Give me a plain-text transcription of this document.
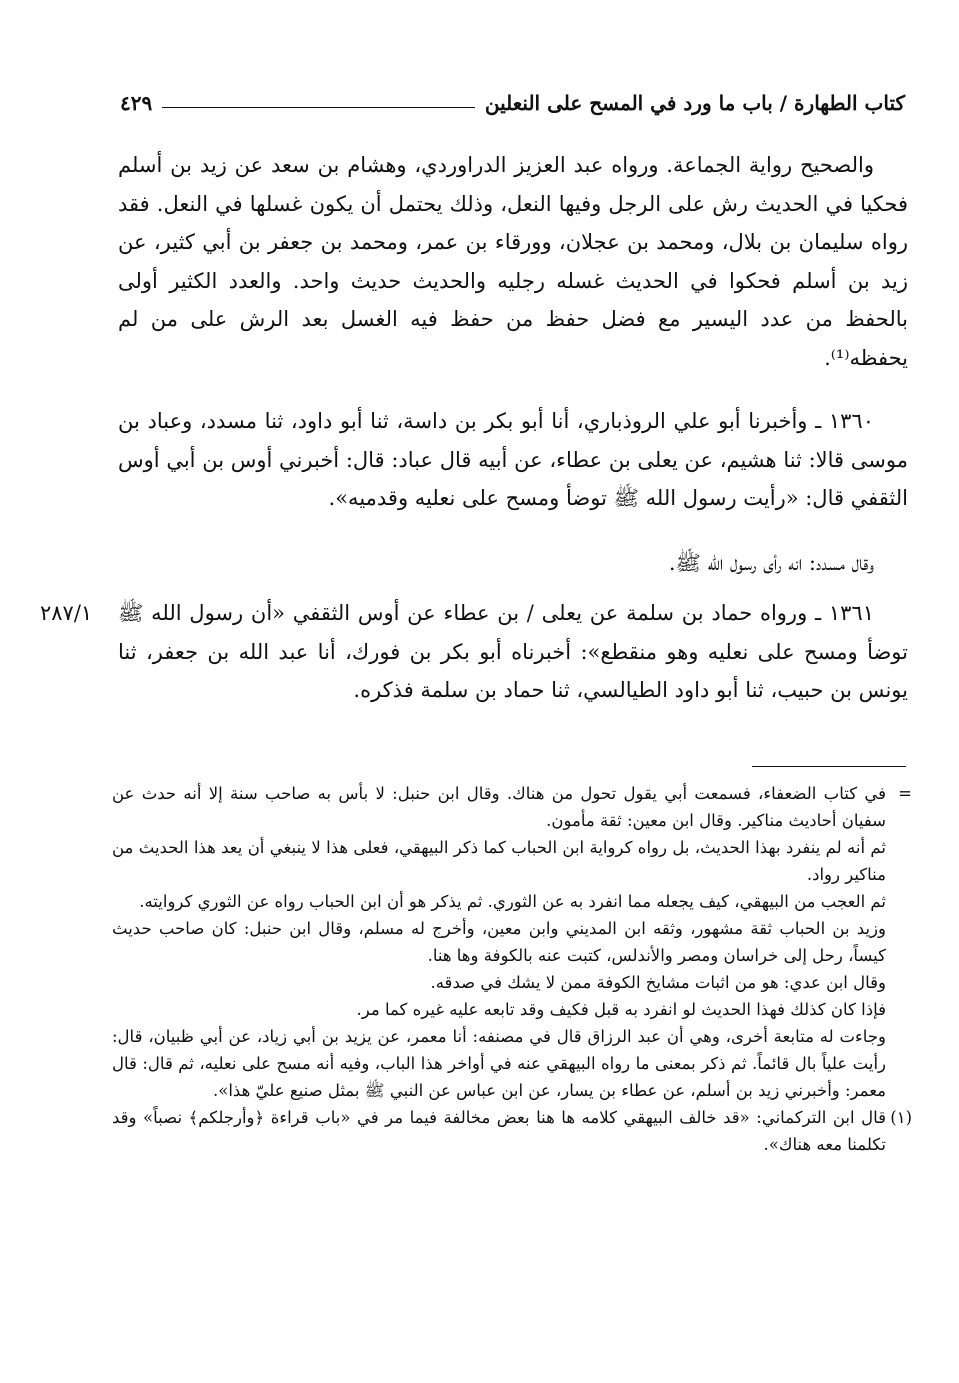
كتاب الطهارة / باب ما ورد في المسح على النعلين
٤٢٩

والصحيح رواية الجماعة. ورواه عبد العزيز الدراوردي، وهشام بن سعد عن زيد بن أسلم فحكيا في الحديث رش على الرجل وفيها النعل، وذلك يحتمل أن يكون غسلها في النعل. فقد رواه سليمان بن بلال، ومحمد بن عجلان، وورقاء بن عمر، ومحمد بن جعفر بن أبي كثير، عن زيد بن أسلم فحكوا في الحديث غسله رجليه والحديث حديث واحد. والعدد الكثير أولى بالحفظ من عدد اليسير مع فضل حفظ من حفظ فيه الغسل بعد الرش على من لم يحفظه⁽¹⁾.

١٣٦٠ ـ وأخبرنا أبو علي الروذباري، أنا أبو بكر بن داسة، ثنا أبو داود، ثنا مسدد، وعباد بن موسى قالا: ثنا هشيم، عن يعلى بن عطاء، عن أبيه قال عباد: قال: أخبرني أوس بن أبي أوس الثقفي قال: «رأيت رسول الله ﷺ توضأ ومسح على نعليه وقدميه».

وقال مسدد: انه رأى رسول الله ﷺ.

١٣٦١ ـ ورواه حماد بن سلمة عن يعلى / بن عطاء عن أوس الثقفي «أن رسول الله ﷺ توضأ ومسح على نعليه وهو منقطع»: أخبرناه أبو بكر بن فورك، أنا عبد الله بن جعفر، ثنا يونس بن حبيب، ثنا أبو داود الطيالسي، ثنا حماد بن سلمة فذكره.

٢٨٧/١

=
في كتاب الضعفاء، فسمعت أبي يقول تحول من هناك. وقال ابن حنبل: لا بأس به صاحب سنة إلا أنه حدث عن سفيان أحاديث مناكير. وقال ابن معين: ثقة مأمون.

ثم أنه لم ينفرد بهذا الحديث، بل رواه كرواية ابن الحباب كما ذكر البيهقي، فعلى هذا لا ينبغي أن يعد هذا الحديث من مناكير رواد.

ثم العجب من البيهقي، كيف يجعله مما انفرد به عن الثوري. ثم يذكر هو أن ابن الحباب رواه عن الثوري كروايته.

وزيد بن الحباب ثقة مشهور، وثقه ابن المديني وابن معين، وأخرج له مسلم، وقال ابن حنبل: كان صاحب حديث كيساً، رحل إلى خراسان ومصر والأندلس، كتبت عنه بالكوفة وها هنا.

وقال ابن عدي: هو من اثبات مشايخ الكوفة ممن لا يشك في صدقه.

فإذا كان كذلك فهذا الحديث لو انفرد به قبل فكيف وقد تابعه عليه غيره كما مر.

وجاءت له متابعة أخرى، وهي أن عبد الرزاق قال في مصنفه: أنا معمر، عن يزيد بن أبي زياد، عن أبي ظبيان، قال: رأيت علياً بال قائماً. ثم ذكر بمعنى ما رواه البيهقي عنه في أواخر هذا الباب، وفيه أنه مسح على نعليه، ثم قال: قال معمر: وأخبرني زيد بن أسلم، عن عطاء بن يسار، عن ابن عباس عن النبي ﷺ بمثل صنيع عليّ هذا».

(١)
قال ابن التركماني: «قد خالف البيهقي كلامه ها هنا بعض مخالفة فيما مر في «باب قراءة ﴿وأرجلكم﴾ نصباً» وقد تكلمنا معه هناك».
